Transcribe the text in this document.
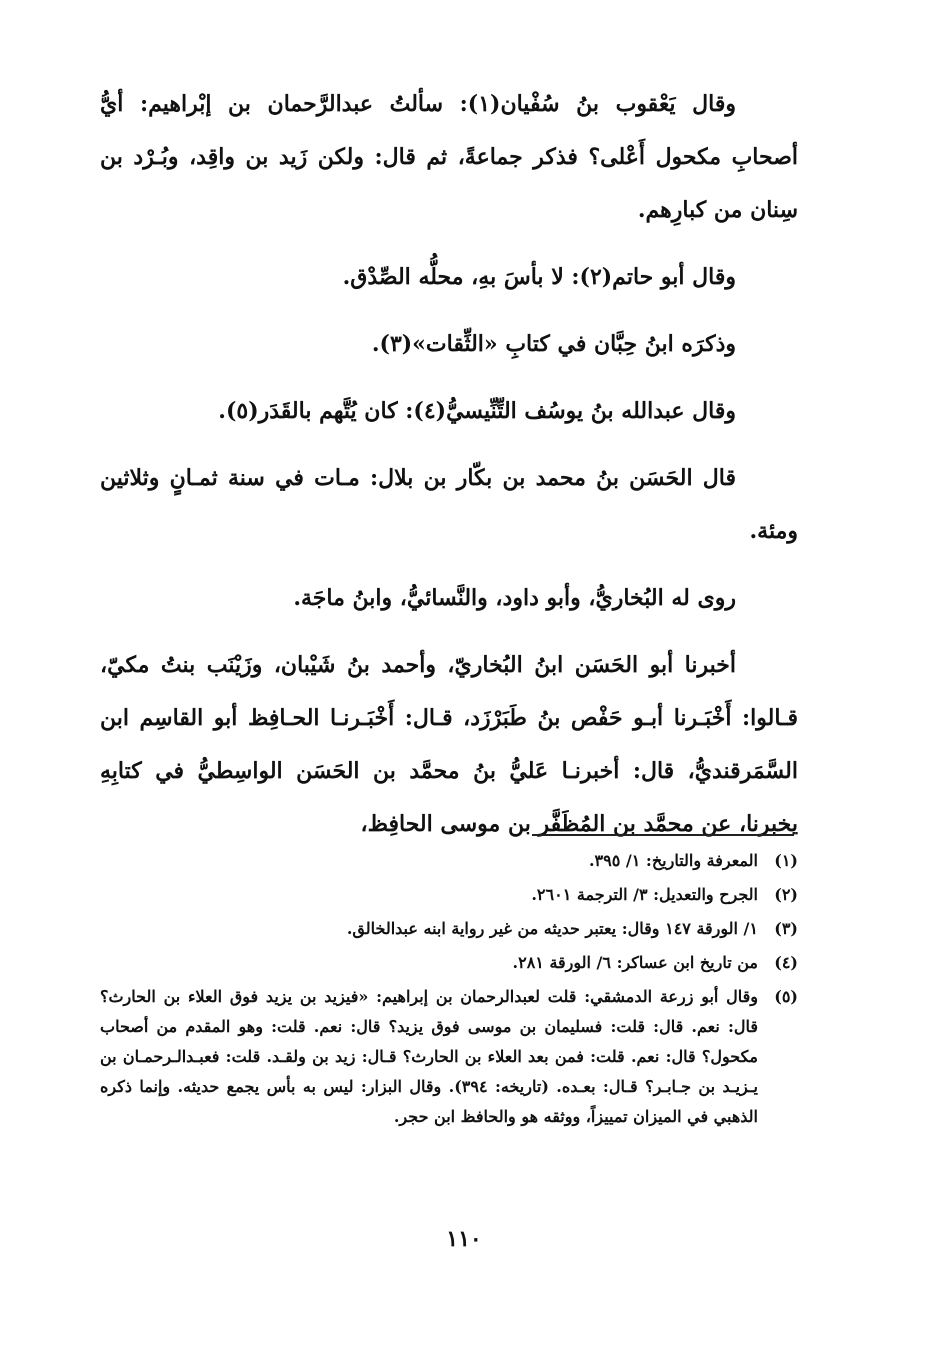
وقال يَعْقوب بنُ سُفْيان(١): سألتُ عبدالرَّحمان بن إبْراهيم: أيُّ أصحابِ مكحول أَعْلى؟ فذكر جماعةً، ثم قال: ولكن زَيد بن واقِد، وبُـرْد بن سِنان من كبارِهم.

وقال أبو حاتم(٢): لا بأسَ بهِ، محلُّه الصِّدْق.

وذكرَه ابنُ حِبَّان في كتابِ «الثِّقات»(٣).

وقال عبدالله بنُ يوسُف التِّنِّيسيُّ(٤): كان يُتَّهم بالقَدَر(٥).

قال الحَسَن بنُ محمد بن بكّار بن بلال: مـات في سنة ثمـانٍ وثلاثين ومئة.

روى له البُخاريُّ، وأبو داود، والنَّسائيُّ، وابنُ ماجَة.

أخبرنا أبو الحَسَن ابنُ البُخاريّ، وأحمد بنُ شَيْبان، وزَيْنَب بنتُ مكيّ، قـالوا: أَخْبَـرنا أبـو حَفْص بنُ طَبَرْزَد، قـال: أَخْبَـرنـا الحـافِظ أبو القاسِم ابن السَّمَرقنديُّ، قال: أخبرنـا عَليُّ بنُ محمَّد بن الحَسَن الواسِطيُّ في كتابِهِ يخبرنا، عن محمَّد بن المُظَفَّر بن موسى الحافِظ،

(١)
المعرفة والتاريخ: ١/ ٣٩٥.
(٢)
الجرح والتعديل: ٣/ الترجمة ٢٦٠١.
(٣)
١/ الورقة ١٤٧ وقال: يعتبر حديثه من غير رواية ابنه عبدالخالق.
(٤)
من تاريخ ابن عساكر: ٦/ الورقة ٢٨١.
(٥)
وقال أبو زرعة الدمشقي: قلت لعبدالرحمان بن إبراهيم: «فيزيد بن يزيد فوق العلاء بن الحارث؟ قال: نعم. قال: قلت: فسليمان بن موسى فوق يزيد؟ قال: نعم. قلت: وهو المقدم من أصحاب مكحول؟ قال: نعم. قلت: فمن بعد العلاء بن الحارث؟ قـال: زيد بن ولقـد. قلت: فعبـدالـرحمـان بن يـزيـد بن جـابـر؟ قـال: بعـده. (تاريخه: ٣٩٤). وقال البزار: ليس به بأس يجمع حديثه. وإنما ذكره الذهبي في الميزان تمييزاً، ووثقه هو والحافظ ابن حجر.
١١٠
